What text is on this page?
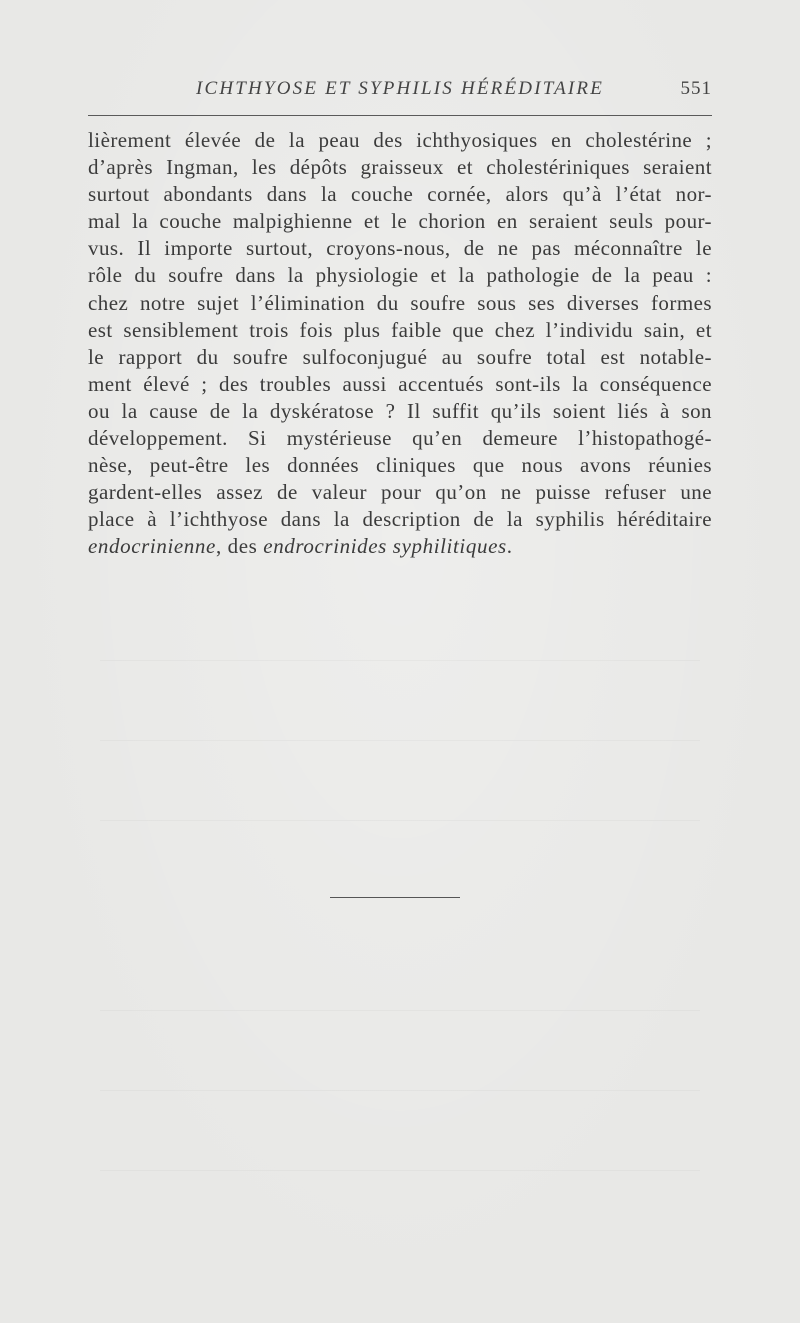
ICHTHYOSE ET SYPHILIS HÉRÉDITAIRE	551
lièrement élevée de la peau des ichthyosiques en cholestérine ;
d’après Ingman, les dépôts graisseux et cholestériniques seraient
surtout abondants dans la couche cornée, alors qu’à l’état nor-
mal la couche malpighienne et le chorion en seraient seuls pour-
vus. Il importe surtout, croyons-nous, de ne pas méconnaître le
rôle du soufre dans la physiologie et la pathologie de la peau :
chez notre sujet l’élimination du soufre sous ses diverses formes
est sensiblement trois fois plus faible que chez l’individu sain, et
le rapport du soufre sulfoconjugué au soufre total est notable-
ment élevé ; des troubles aussi accentués sont-ils la conséquence
ou la cause de la dyskératose ? Il suffit qu’ils soient liés à son
développement. Si mystérieuse qu’en demeure l’histopathogé-
nèse, peut-être les données cliniques que nous avons réunies
gardent-elles assez de valeur pour qu’on ne puisse refuser une
place à l’ichthyose dans la description de la syphilis héréditaire
endocrinienne, des endrocrinides syphilitiques.
